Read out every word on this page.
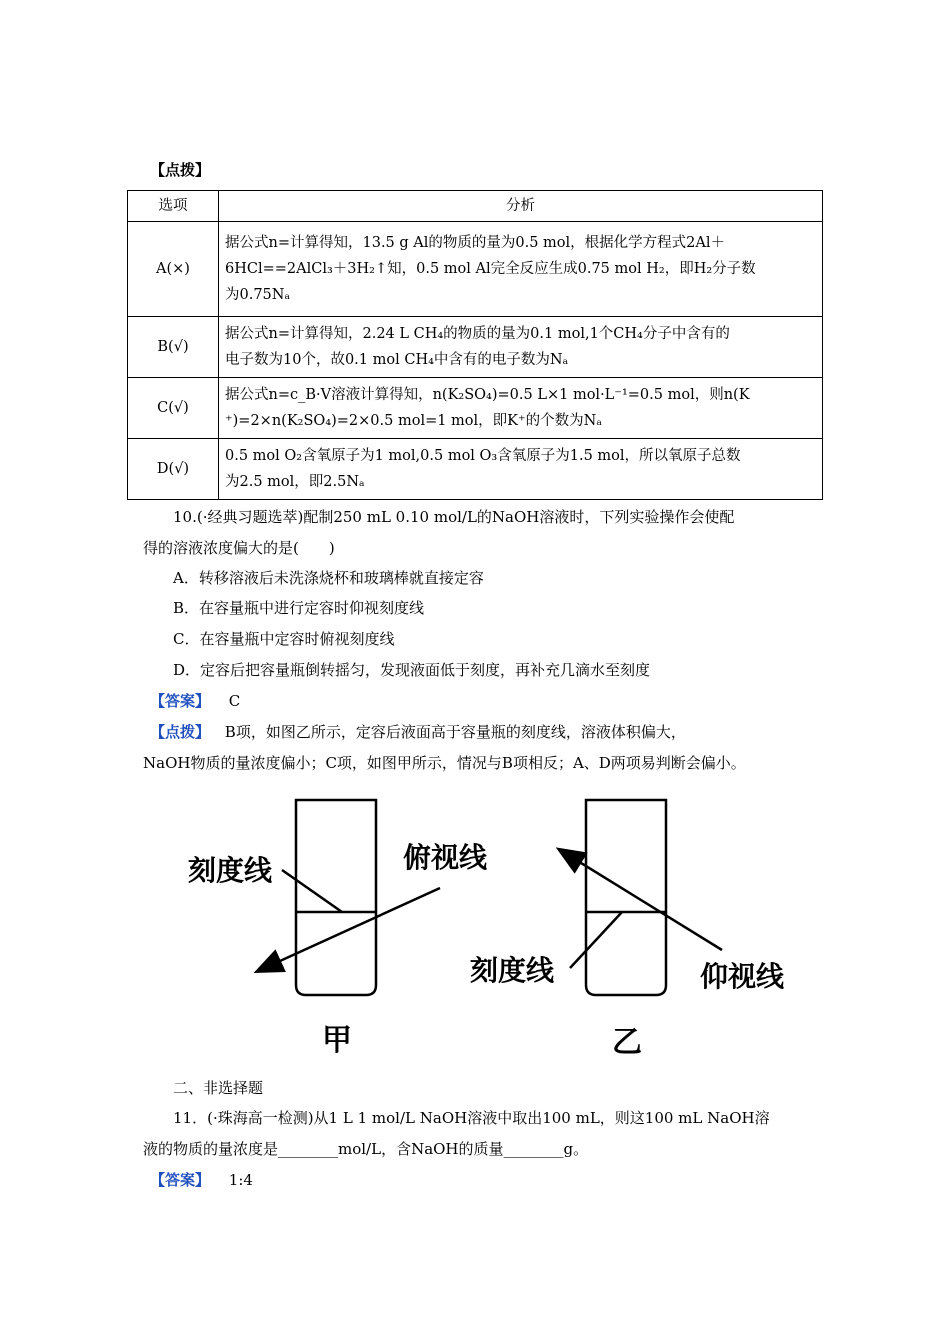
【点拨】
选项	分析
A(×)	据公式n=计算得知，13.5 g Al的物质的量为0.5 mol，根据化学方程式2Al＋
6HCl==2AlCl₃＋3H₂↑知，0.5 mol Al完全反应生成0.75 mol H₂，即H₂分子数
为0.75Nₐ

B(√)	据公式n=计算得知，2.24 L CH₄的物质的量为0.1 mol,1个CH₄分子中含有的
电子数为10个，故0.1 mol CH₄中含有的电子数为Nₐ

C(√)	据公式n=c_B·V溶液计算得知，n(K₂SO₄)=0.5 L×1 mol·L⁻¹=0.5 mol，则n(K
⁺)=2×n(K₂SO₄)=2×0.5 mol=1 mol，即K⁺的个数为Nₐ

D(√)	0.5 mol O₂含氧原子为1 mol,0.5 mol O₃含氧原子为1.5 mol，所以氧原子总数
为2.5 mol，即2.5Nₐ
10.(·经典习题选萃)配制250 mL 0.10 mol/L的NaOH溶液时，下列实验操作会使配
得的溶液浓度偏大的是(　　)
A．转移溶液后未洗涤烧杯和玻璃棒就直接定容
B．在容量瓶中进行定容时仰视刻度线
C．在容量瓶中定容时俯视刻度线
D．定容后把容量瓶倒转摇匀，发现液面低于刻度，再补充几滴水至刻度
【答案】 C
【点拨】 B项，如图乙所示，定容后液面高于容量瓶的刻度线，溶液体积偏大，
NaOH物质的量浓度偏小；C项，如图甲所示，情况与B项相反；A、D两项易判断会偏小。
刻度线	俯视线
甲
刻度线	仰视线
乙
二、非选择题
11．(·珠海高一检测)从1 L 1 mol/L NaOH溶液中取出100 mL，则这100 mL NaOH溶
液的物质的量浓度是________mol/L，含NaOH的质量________g。
【答案】 1:4
